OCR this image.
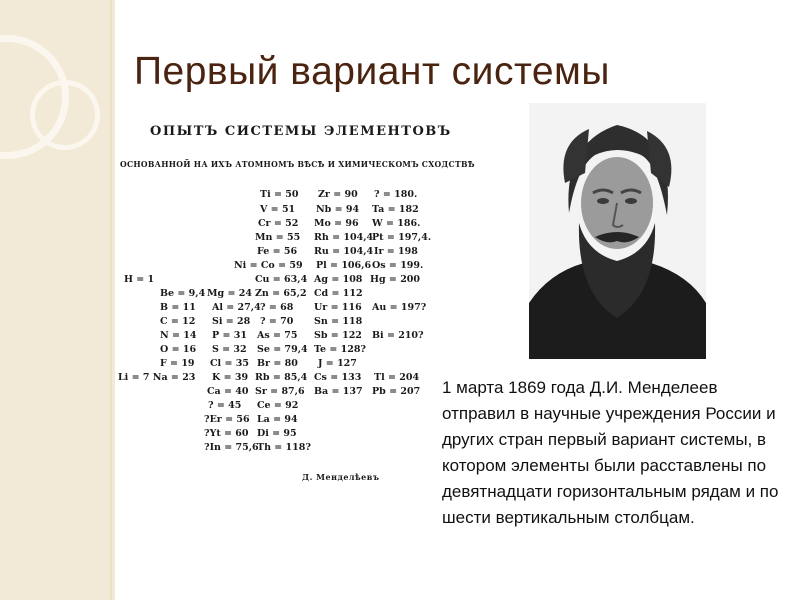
Первый вариант системы
ОПЫТЪ СИСТЕМЫ ЭЛЕМЕНТОВЪ
ОСНОВАННОЙ НА ИХЪ АТОМНОМЪ ВѢСѢ И ХИМИЧЕСКОМЪ СХОДСТВѢ
Ti = 50
V = 51
Cr = 52
Mn = 55
Fe = 56
Ni = Co = 59
Cu = 63,4
Zn = 65,2
? = 68
? = 70
As = 75
Se = 79,4
Br = 80
Rb = 85,4
Sr = 87,6
Ce = 92
La = 94
Di = 95
Th = 118?
Zr = 90
Nb = 94
Mo = 96
Rh = 104,4
Ru = 104,4
Pl = 106,6
Ag = 108
Cd = 112
Ur = 116
Sn = 118
Sb = 122
Te = 128?
J = 127
Cs = 133
Ba = 137
? = 180.
Ta = 182
W = 186.
Pt = 197,4.
Ir = 198
Os = 199.
Hg = 200
Au = 197?
Bi = 210?
Tl = 204
Pb = 207
Mg = 24
Al = 27,4
Si = 28
P = 31
S = 32
Cl = 35
K = 39
Ca = 40
? = 45
?Er = 56
?Yt = 60
?In = 75,6
Be = 9,4
B = 11
C = 12
N = 14
O = 16
F = 19
Li = 7 Na = 23
H = 1
Д. Менделѣевъ
1 марта 1869 года Д.И. Менделеев отправил в научные учреждения России и других стран первый вариант системы, в котором элементы были расставлены по девятнадцати горизонтальным рядам и по шести вертикальным столбцам.
